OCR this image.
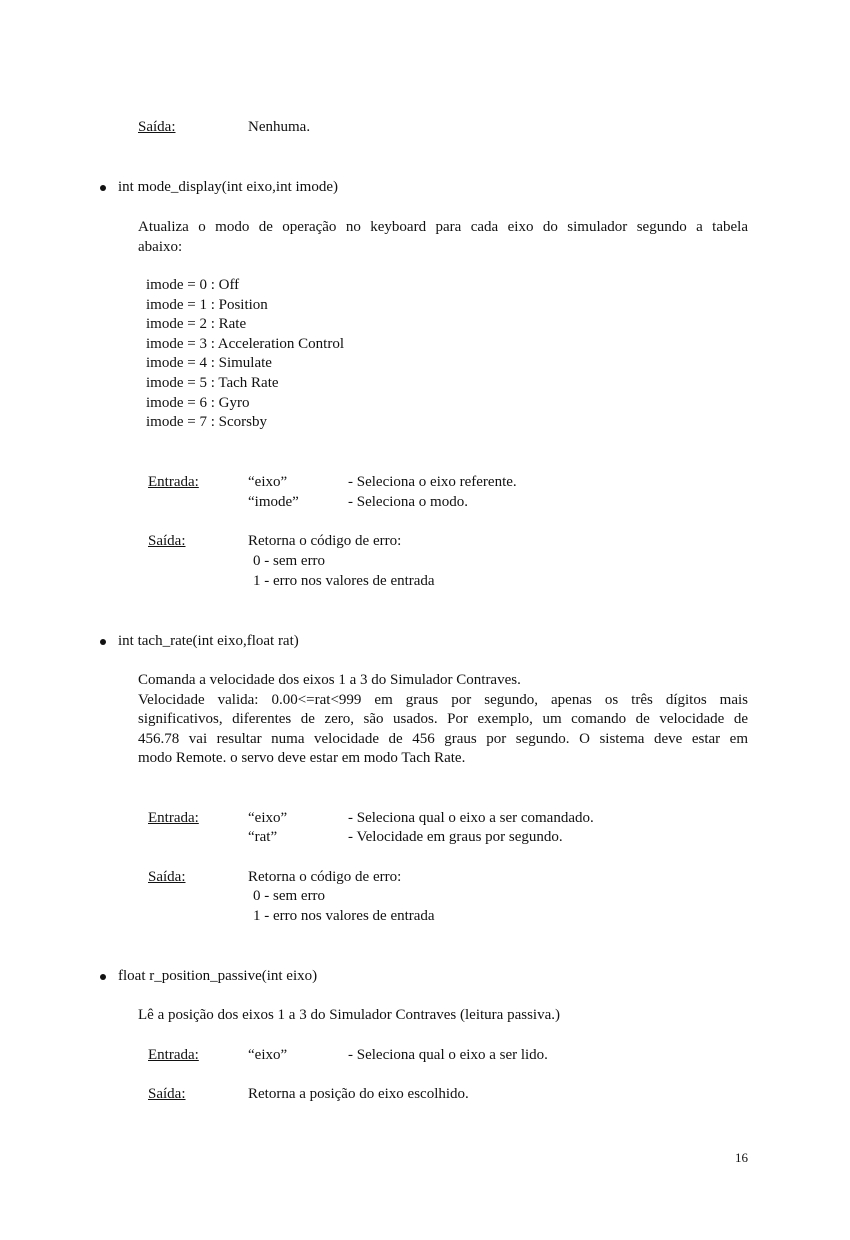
Saída:	Nenhuma.
int mode_display(int eixo,int imode)
Atualiza o modo de operação no keyboard para cada eixo do simulador segundo a tabela
abaixo:
imode = 0 : Off
imode = 1 : Position
imode = 2 : Rate
imode = 3 : Acceleration Control
imode = 4 : Simulate
imode = 5 : Tach Rate
imode = 6 : Gyro
imode = 7 : Scorsby
Entrada:	“eixo”	- Seleciona o eixo referente.
“imode”	- Seleciona o modo.
Saída:	Retorna o código de erro:
0 - sem erro
1 - erro nos valores de entrada
int tach_rate(int eixo,float rat)
Comanda a velocidade dos eixos 1 a 3 do Simulador Contraves.
Velocidade valida: 0.00<=rat<999 em graus por segundo, apenas os três dígitos mais
significativos, diferentes de zero, são usados. Por exemplo, um comando de velocidade de
456.78 vai resultar numa velocidade de 456 graus por segundo. O sistema deve estar em
modo Remote. o servo deve estar em modo Tach Rate.
Entrada:	“eixo”	- Seleciona qual o eixo a ser comandado.
“rat”	- Velocidade em graus por segundo.
Saída:	Retorna o código de erro:
0 - sem erro
1 - erro nos valores de entrada
float r_position_passive(int eixo)
Lê a posição dos eixos 1 a 3 do Simulador Contraves (leitura passiva.)
Entrada:	“eixo”	- Seleciona qual o eixo a ser lido.
Saída:	Retorna a posição do eixo escolhido.
16
